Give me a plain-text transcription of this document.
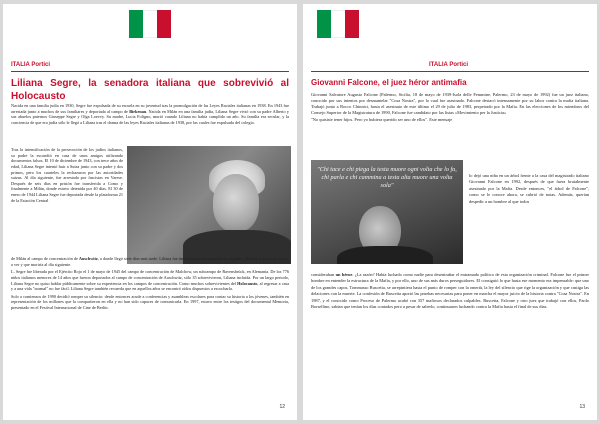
ITALIA Portici
Liliana Segre, la senadora italiana que sobrevivió al Holocausto

Nacida en una familia judía en 1930, Segre fue expulsada de su escuela en su juventud tras la promulgación de las Leyes Raciales italianas en 1938. En 1943 fue arrestada junto a muchos de sus familiares y deportada al campo de Birkenau. Nacida en Milán en una familia judía, Liliana Segre vivió con su padre Alberto y sus abuelos paternos Giuseppe Segre y Olga Loevvy. Su madre, Lucia Foligno, murió cuando Liliana no había cumplido un año. Su familia era secular, y la conciencia de que era judía sólo le llegó a Liliana tras el drama de las leyes Raciales italianas de 1938, por las cuales fue expulsada del colegio.

Tras la intensificación de la persecución de los judíos italianos, su padre la escondió en casa de unos amigos utilizando documentos falsos. El 10 de diciembre de 1943, con trece años de edad, Liliana Segre intentó huir a Suiza junto con su padre y dos primos, pero los cuarteles la rechazaron por las autoridades suizas. Al día siguiente, fue arrestada por fascistas en Varese. Después de seis días en prisión fue transferida a Como y finalmente a Milán, donde estuvo detenida por 40 días. El 30 de enero de 1944 Liliana Segre fue deportada desde la plataforma 21 de la Estación Central

de Milán al campo de concentración de Auschwitz, a donde llegó siete días más tarde. Liliana fue inmediatamente separada de su padre, Alberto, a quien no volvió a ver y que moriría al día siguiente.

L. Segre fue liberada por el Ejército Rojo el 1 de mayo de 1945 del campo de concentración de Malchow, un subcampo de Ravensbrück, en Alemania. De los 776 niños italianos menores de 14 años que fueron deportados al campo de concentración de Auschwitz, sólo 35 sobrevivieron, Liliana incluida. Por un largo periodo, Liliana Segre no quiso hablar públicamente sobre su experiencia en los campos de concentración. Como muchos sobrevivientes del Holocausto, al regresar a casa y a una vida "normal" no fue fácil. Liliana Segre también recuerda que en aquellos años se encontró oídos dispuestos a escucharla.

Solo a comienzos de 1990 decidió romper su silencio: desde entonces acude a conferencias y asambleas escolares para contar su historia a los jóvenes, también en representación de los millones que la compartieron en ella y no han sido capaces de comunicarla. En 1997, estuvo entre los testigos del documental Memoria, presentado en el Festival Internacional de Cine de Berlín.

12
ITALIA Portici
Giovanni Falcone, el juez héror antimafia

Giovanni Salvatore Augusto Falcone (Palermo, Sicilia, 18 de mayo de 1939-Isola delle Femmine, Palermo, 23 de mayo de 1992) fue un juez italiano, conocido por sus intentos por desmantelar "Cosa Nostra", por lo cual fue asesinado. Falcone destacó intensamente por su labor contra la mafia italiana. Trabajó junto a Rocco Chinnici, hasta el asesinato de este último el 29 de julio de 1983, perpetrado por la Mafia. En las elecciones de los miembros del Consejo Superior de la Magistratura de 1990, Falcone fue candidato por las listas «Movimiento per la Justicia»

"No quisiste tener hijos. Pero yo hubiera querido ser uno de ellos". Este mensaje

"Chi tace e chi piega la testa muore ogni volta che lo fa, chi parla e chi cammina a testa alta muore una volta sola"

lo dejó una niña en un árbol frente a la casa del magistrado italiano Giovanni Falcone en 1992, después de que fuera brutalmente asesinado por la Mafia. Desde entonces, "el árbol de Falcone", como se le conoce ahora, se cubrió de notas. Además, querían despedir a un hombre al que todos

consideraban un héroe. ¿La razón? Había luchado como nadie para desentrañar el entramado político de esta organización criminal. Falcone fue el primer hombre en entender la estructura de la Mafia, y por ello, uno de sus más duros perseguidores. El consiguió lo que hasta ese momento era impensable: que uno de los grandes capos, Tommasso Buscetta, se arrepintiera hasta el punto de romper con la omertà, la ley del silencio que rige la organización y que castiga las delaciones con la muerte. La confesión de Buscetta aportó las pruebas necesarias para poner en marcha el mayor juicio de la historia contra "Cosa Nostra". En 1987, y el conocido como Proceso de Palermo acabó con 357 mafiosos declarados culpables. Buscetta, Falcone y otro juez que trabajó con ellos, Paolo Borsellino, sabían que tenían los días contados pero a pesar de saberlo, continuaron luchando contra la Mafia hasta el final de sus días.

13
